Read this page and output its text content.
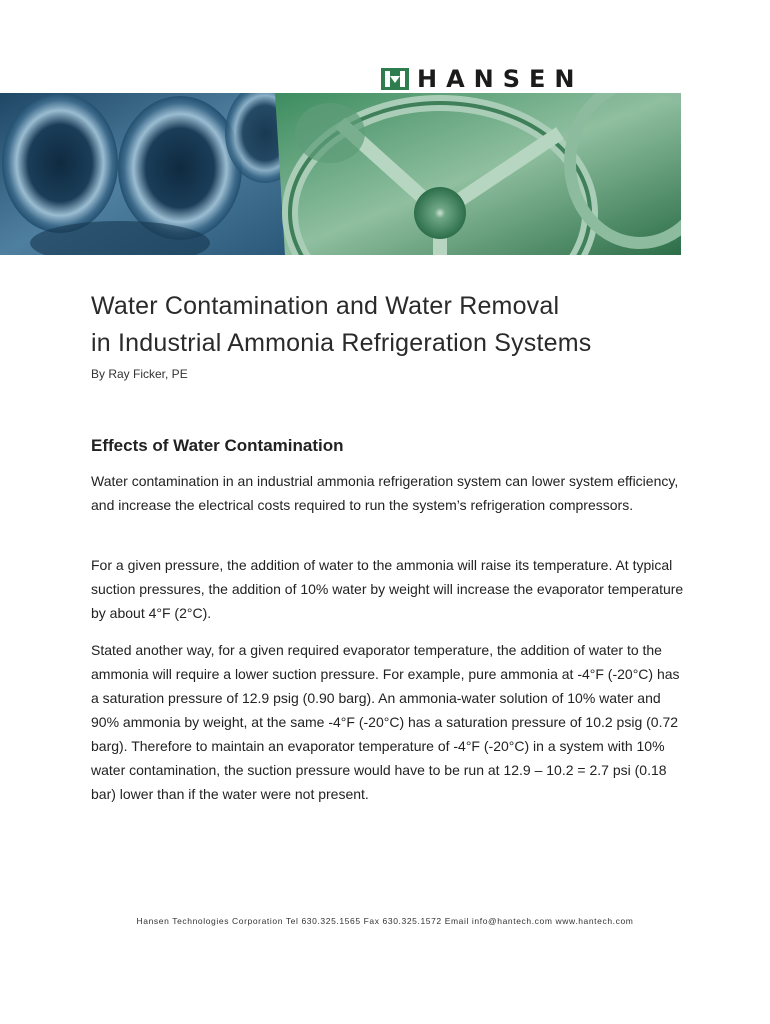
HANSEN
Water Contamination and Water Removal
in Industrial Ammonia Refrigeration Systems

By Ray Ficker, PE

Effects of Water Contamination

Water contamination in an industrial ammonia refrigeration system can lower system efficiency, and increase the electrical costs required to run the system’s refrigeration compressors.

For a given pressure, the addition of water to the ammonia will raise its temperature. At typical suction pressures, the addition of 10% water by weight will increase the evaporator temperature by about 4°F (2°C).

Stated another way, for a given required evaporator temperature, the addition of water to the ammonia will require a lower suction pressure. For example, pure ammonia at -4°F (-20°C) has a saturation pressure of 12.9 psig (0.90 barg). An ammonia-water solution of 10% water and 90% ammonia by weight, at the same -4°F (-20°C) has a saturation pressure of 10.2 psig (0.72 barg). Therefore to maintain an evaporator temperature of -4°F (-20°C) in a system with 10% water contamination, the suction pressure would have to be run at 12.9 – 10.2 = 2.7 psi (0.18 bar) lower than if the water were not present.

Hansen Technologies Corporation Tel 630.325.1565 Fax 630.325.1572 Email info@hantech.com www.hantech.com
